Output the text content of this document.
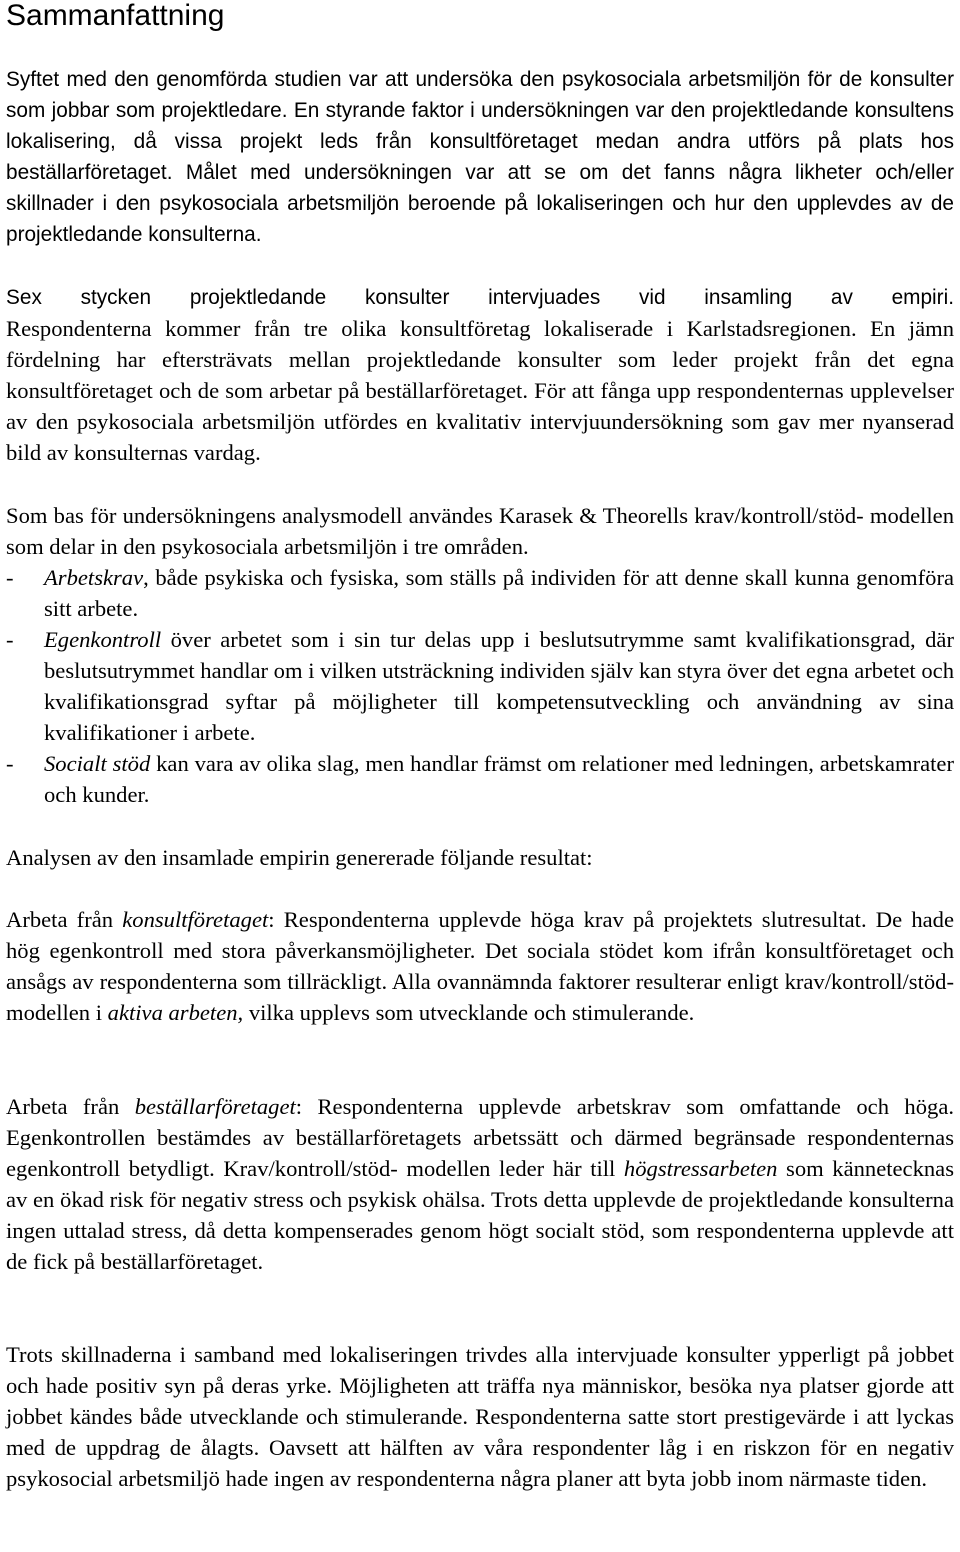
Sammanfattning

Syftet med den genomförda studien var att undersöka den psykosociala arbetsmiljön för de konsulter som jobbar som projektledare. En styrande faktor i undersökningen var den projektledande konsultens lokalisering, då vissa projekt leds från konsultföretaget medan andra utförs på plats hos beställarföretaget. Målet med undersökningen var att se om det fanns några likheter och/eller skillnader i den psykosociala arbetsmiljön beroende på lokaliseringen och hur den upplevdes av de projektledande konsulterna.

Sex stycken projektledande konsulter intervjuades vid insamling av empiri.

Respondenterna kommer från tre olika konsultföretag lokaliserade i Karlstadsregionen. En jämn fördelning har eftersträvats mellan projektledande konsulter som leder projekt från det egna konsultföretaget och de som arbetar på beställarföretaget. För att fånga upp respondenternas upplevelser av den psykosociala arbetsmiljön utfördes en kvalitativ intervjuundersökning som gav mer nyanserad bild av konsulternas vardag.

Som bas för undersökningens analysmodell användes Karasek & Theorells krav/kontroll/stöd- modellen som delar in den psykosociala arbetsmiljön i tre områden.

- Arbetskrav, både psykiska och fysiska, som ställs på individen för att denne skall kunna genomföra sitt arbete.
- Egenkontroll över arbetet som i sin tur delas upp i beslutsutrymme samt kvalifikationsgrad, där beslutsutrymmet handlar om i vilken utsträckning individen själv kan styra över det egna arbetet och kvalifikationsgrad syftar på möjligheter till kompetensutveckling och användning av sina kvalifikationer i arbete.
- Socialt stöd kan vara av olika slag, men handlar främst om relationer med ledningen, arbetskamrater och kunder.

Analysen av den insamlade empirin genererade följande resultat:

Arbeta från konsultföretaget: Respondenterna upplevde höga krav på projektets slutresultat. De hade hög egenkontroll med stora påverkansmöjligheter. Det sociala stödet kom ifrån konsultföretaget och ansågs av respondenterna som tillräckligt. Alla ovannämnda faktorer resulterar enligt krav/kontroll/stöd- modellen i aktiva arbeten, vilka upplevs som utvecklande och stimulerande.

Arbeta från beställarföretaget: Respondenterna upplevde arbetskrav som omfattande och höga. Egenkontrollen bestämdes av beställarföretagets arbetssätt och därmed begränsade respondenternas egenkontroll betydligt. Krav/kontroll/stöd- modellen leder här till högstressarbeten som kännetecknas av en ökad risk för negativ stress och psykisk ohälsa. Trots detta upplevde de projektledande konsulterna ingen uttalad stress, då detta kompenserades genom högt socialt stöd, som respondenterna upplevde att de fick på beställarföretaget.

Trots skillnaderna i samband med lokaliseringen trivdes alla intervjuade konsulter ypperligt på jobbet och hade positiv syn på deras yrke. Möjligheten att träffa nya människor, besöka nya platser gjorde att jobbet kändes både utvecklande och stimulerande. Respondenterna satte stort prestigevärde i att lyckas med de uppdrag de ålagts. Oavsett att hälften av våra respondenter låg i en riskzon för en negativ psykosocial arbetsmiljö hade ingen av respondenterna några planer att byta jobb inom närmaste tiden.
